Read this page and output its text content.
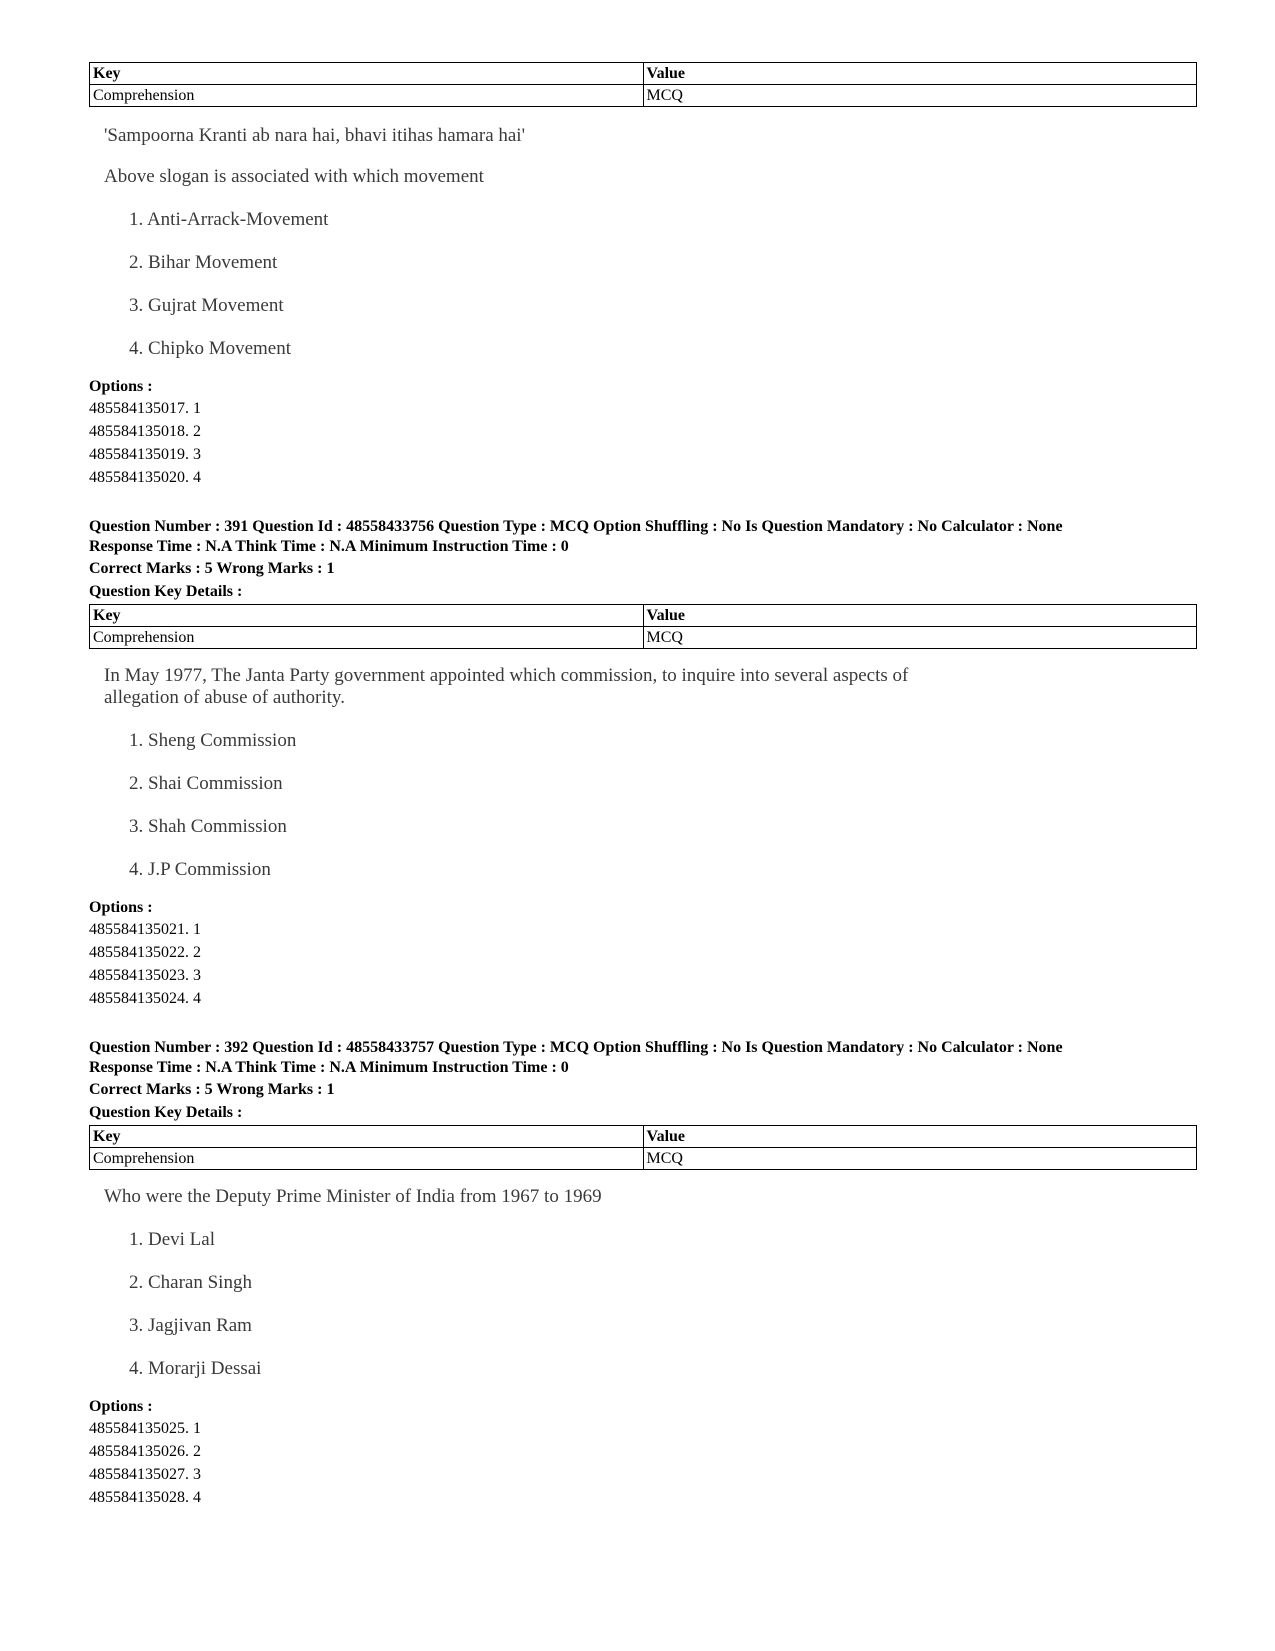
Key	Value
Comprehension	MCQ

'Sampoorna Kranti ab nara hai, bhavi itihas hamara hai'

Above slogan is associated with which movement

1. Anti-Arrack-Movement
2. Bihar Movement
3. Gujrat Movement
4. Chipko Movement
Options :
485584135017. 1
485584135018. 2
485584135019. 3
485584135020. 4
Question Number : 391 Question Id : 48558433756 Question Type : MCQ Option Shuffling : No Is Question Mandatory : No Calculator : None
Response Time : N.A Think Time : N.A Minimum Instruction Time : 0
Correct Marks : 5 Wrong Marks : 1
Question Key Details :
Key	Value
Comprehension	MCQ

In May 1977, The Janta Party government appointed which commission, to inquire into several aspects of

allegation of abuse of authority.

1. Sheng Commission
2. Shai Commission
3. Shah Commission
4. J.P Commission
Options :
485584135021. 1
485584135022. 2
485584135023. 3
485584135024. 4
Question Number : 392 Question Id : 48558433757 Question Type : MCQ Option Shuffling : No Is Question Mandatory : No Calculator : None
Response Time : N.A Think Time : N.A Minimum Instruction Time : 0
Correct Marks : 5 Wrong Marks : 1
Question Key Details :
Key	Value
Comprehension	MCQ

Who were the Deputy Prime Minister of India from 1967 to 1969

1. Devi Lal
2. Charan Singh
3. Jagjivan Ram
4. Morarji Dessai
Options :
485584135025. 1
485584135026. 2
485584135027. 3
485584135028. 4
